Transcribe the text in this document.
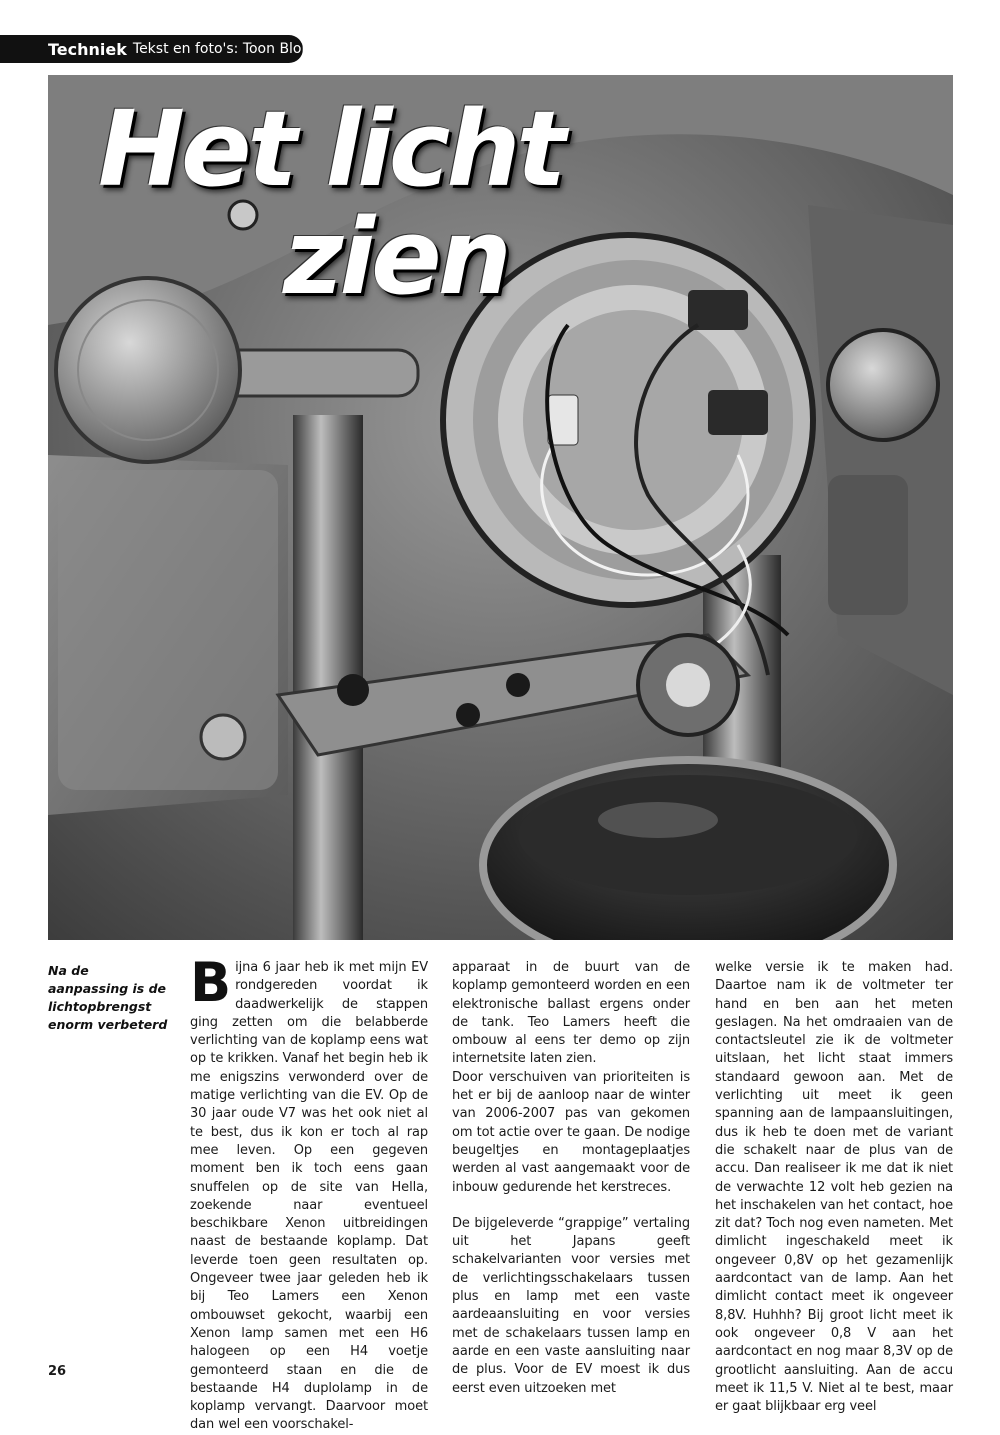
Techniek Tekst en foto's: Toon Blom
Het licht
zien

Na de aanpassing is de lichtopbrengst enorm verbeterd

Bijna 6 jaar heb ik met mijn EV rondgereden voordat ik daadwerkelijk de stappen ging zetten om die belabberde verlichting van de koplamp eens wat op te krikken. Vanaf het begin heb ik me enigszins verwonderd over de matige verlichting van die EV. Op de 30 jaar oude V7 was het ook niet al te best, dus ik kon er toch al rap mee leven. Op een gegeven moment ben ik toch eens gaan snuffelen op de site van Hella, zoekende naar eventueel beschikbare Xenon uitbreidingen naast de bestaande koplamp. Dat leverde toen geen resultaten op. Ongeveer twee jaar geleden heb ik bij Teo Lamers een Xenon ombouwset gekocht, waarbij een Xenon lamp samen met een H6 halogeen op een H4 voetje gemonteerd staan en die de bestaande H4 duplolamp in de koplamp vervangt. Daarvoor moet dan wel een voorschakel-

apparaat in de buurt van de koplamp gemonteerd worden en een elektronische ballast ergens onder de tank. Teo Lamers heeft die ombouw al eens ter demo op zijn internetsite laten zien.

Door verschuiven van prioriteiten is het er bij de aanloop naar de winter van 2006-2007 pas van gekomen om tot actie over te gaan. De nodige beugeltjes en montageplaatjes werden al vast aangemaakt voor de inbouw gedurende het kerstreces.

De bijgeleverde “grappige” vertaling uit het Japans geeft schakelvarianten voor versies met de verlichtingsschakelaars tussen plus en lamp met een vaste aardeaansluiting en voor versies met de schakelaars tussen lamp en aarde en een vaste aansluiting naar de plus. Voor de EV moest ik dus eerst even uitzoeken met

welke versie ik te maken had. Daartoe nam ik de voltmeter ter hand en ben aan het meten geslagen. Na het omdraaien van de contactsleutel zie ik de voltmeter uitslaan, het licht staat immers standaard gewoon aan. Met de verlichting uit meet ik geen spanning aan de lampaansluitingen, dus ik heb te doen met de variant die schakelt naar de plus van de accu. Dan realiseer ik me dat ik niet de verwachte 12 volt heb gezien na het inschakelen van het contact, hoe zit dat? Toch nog even nameten. Met dimlicht ingeschakeld meet ik ongeveer 0,8V op het gezamenlijk aardcontact van de lamp. Aan het dimlicht contact meet ik ongeveer 8,8V. Huhhh? Bij groot licht meet ik ook ongeveer 0,8 V aan het aardcontact en nog maar 8,3V op de grootlicht aansluiting. Aan de accu meet ik 11,5 V. Niet al te best, maar er gaat blijkbaar erg veel

26
